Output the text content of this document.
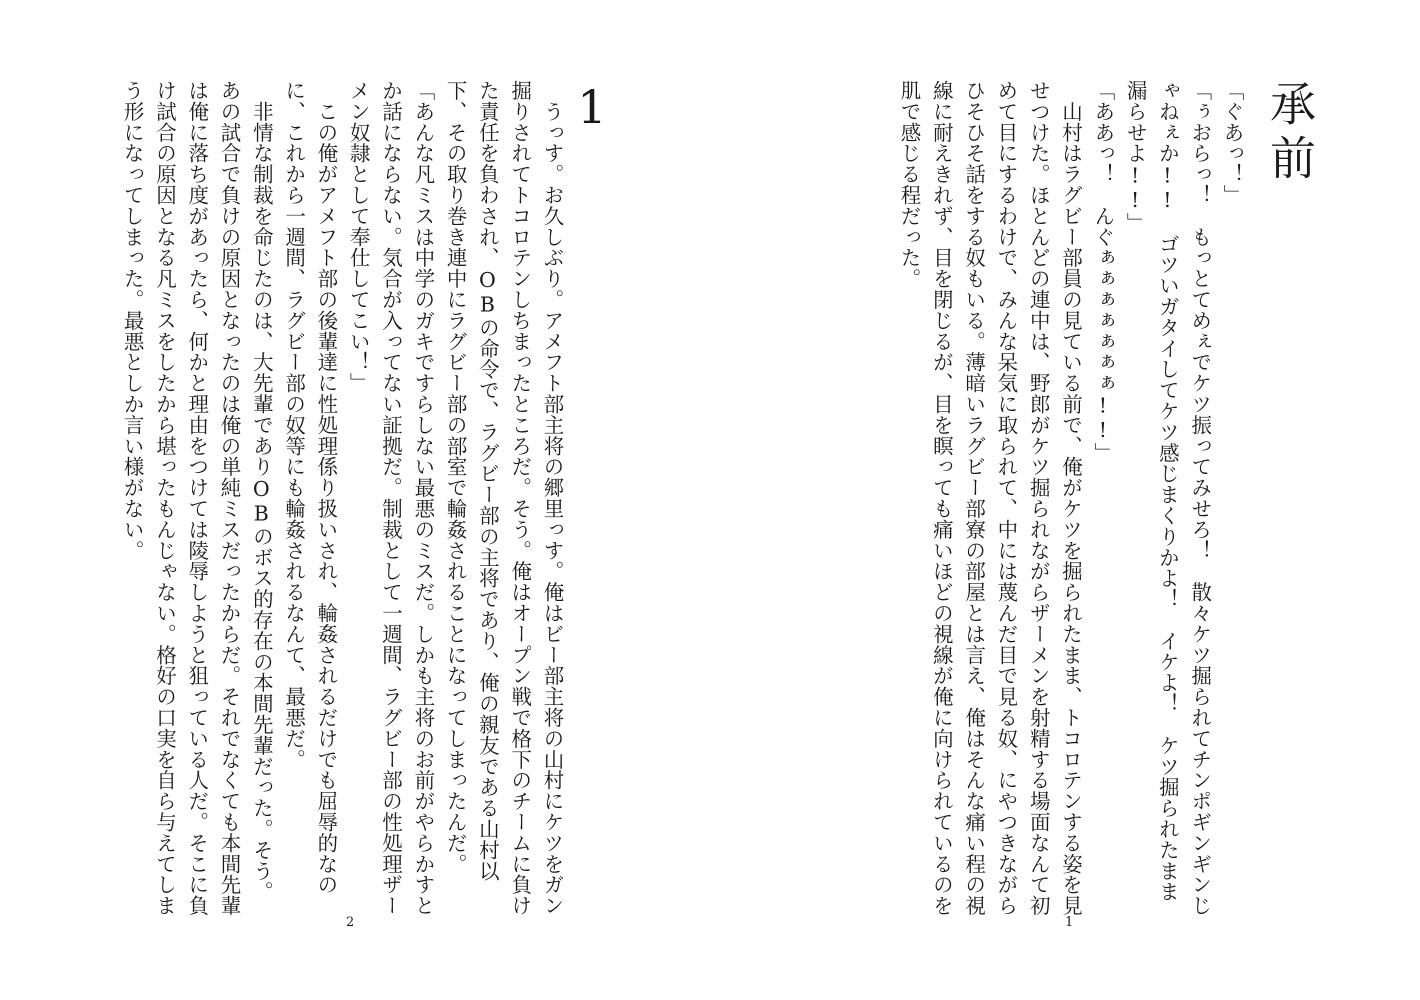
1
　うっす。お久しぶり。アメフト部主将の郷里っす。俺はビー部主将の山村にケツをガン掘りされてトコロテンしちまったところだ。そう。俺はオープン戦で格下のチームに負けた責任を負わされ、OBの命令で、ラグビー部の主将であり、俺の親友である山村以下、その取り巻き連中にラグビー部の部室で輪姦されることになってしまったんだ。
「あんな凡ミスは中学のガキですらしない最悪のミスだ。しかも主将のお前がやらかすとか話にならない。気合が入ってない証拠だ。制裁として一週間、ラグビー部の性処理ザーメン奴隷として奉仕してこい！」
　この俺がアメフト部の後輩達に性処理係り扱いされ、輪姦されるだけでも屈辱的なのに、これから一週間、ラグビー部の奴等にも輪姦されるなんて、最悪だ。
　非情な制裁を命じたのは、大先輩でありOBのボス的存在の本間先輩だった。そう。あの試合で負けの原因となったのは俺の単純ミスだったからだ。それでなくても本間先輩は俺に落ち度があったら、何かと理由をつけては陵辱しようと狙っている人だ。そこに負け試合の原因となる凡ミスをしたから堪ったもんじゃない。格好の口実を自ら与えてしまう形になってしまった。最悪としか言い様がない。
2
承前
「ぐあっ！」
「ぅおらっ！　もっとてめぇでケツ振ってみせろ！　散々ケツ掘られてチンポギンギンじゃねぇか!!　ゴツいガタイしてケツ感じまくりかよ！　イケよ！　ケツ掘られたまま漏らせよ!!」
「ああっ！　んぐぁぁぁぁぁぁぁ!!」
　山村はラグビー部員の見ている前で、俺がケツを掘られたまま、トコロテンする姿を見せつけた。ほとんどの連中は、野郎がケツ掘られながらザーメンを射精する場面なんて初めて目にするわけで、みんな呆気に取られて、中には蔑んだ目で見る奴、にやつきながらひそひそ話をする奴もいる。薄暗いラグビー部寮の部屋とは言え、俺はそんな痛い程の視線に耐えきれず、目を閉じるが、目を瞑っても痛いほどの視線が俺に向けられているのを肌で感じる程だった。
1
